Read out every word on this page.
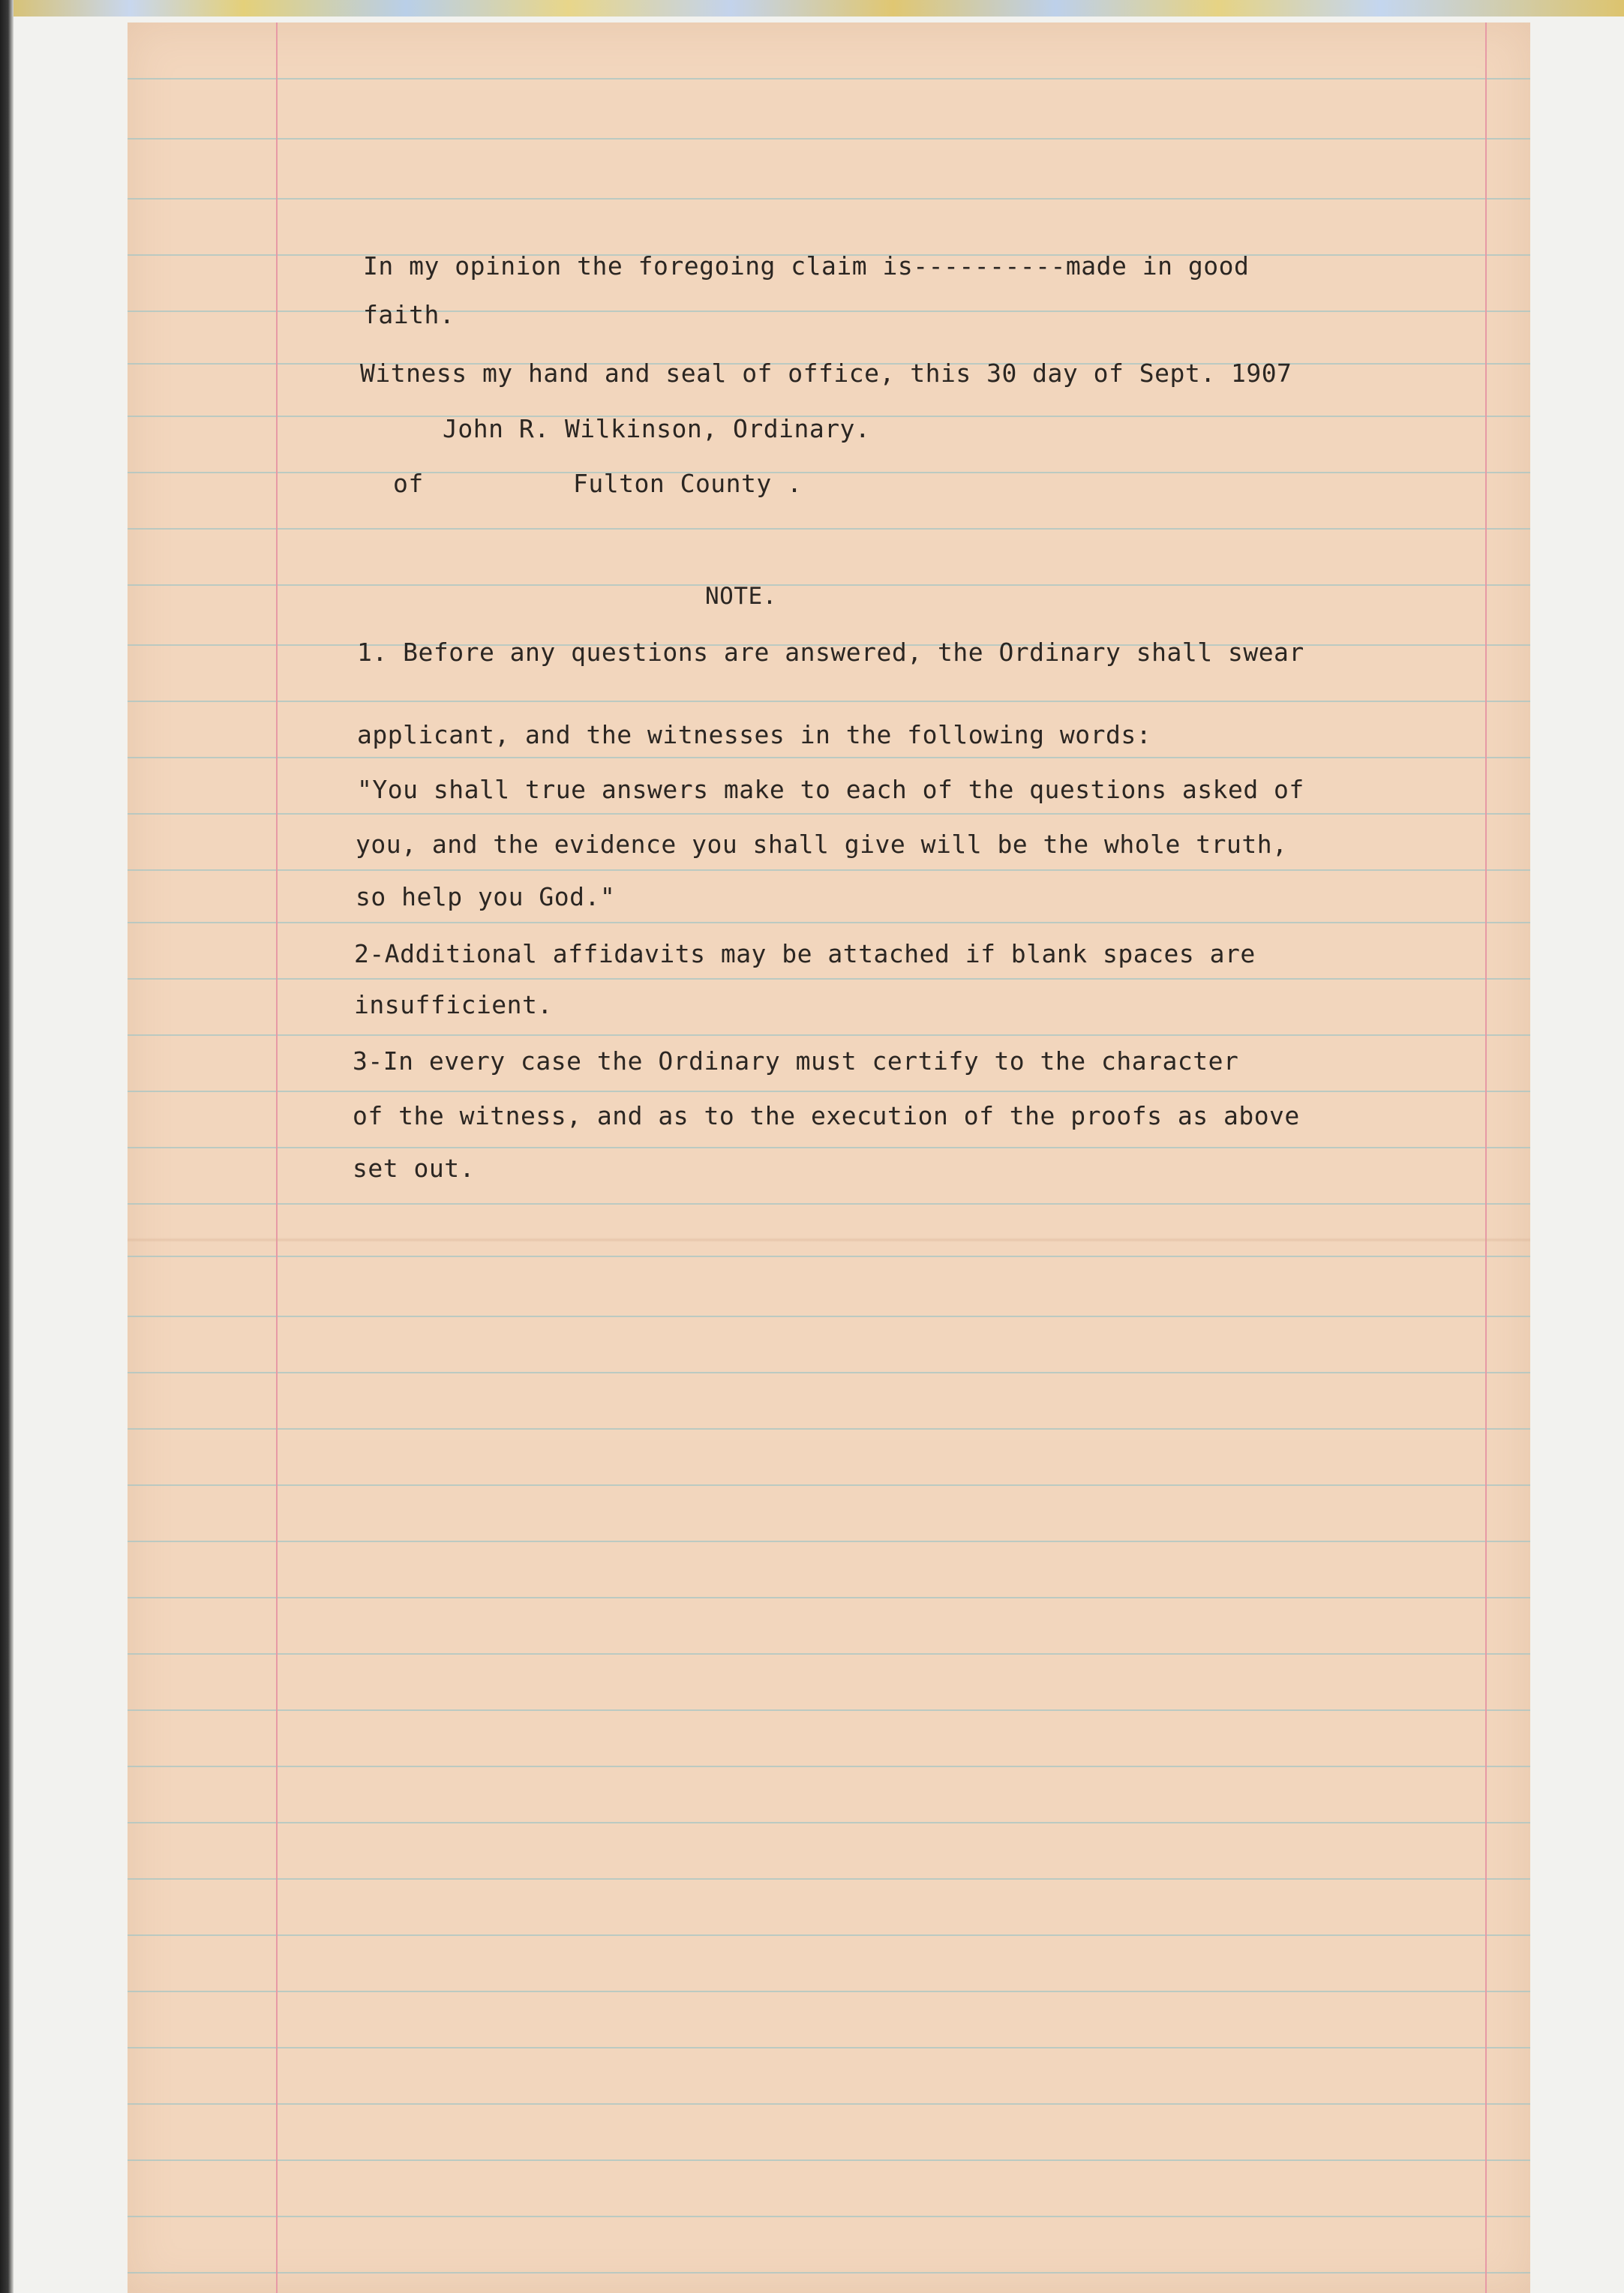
In my opinion the foregoing claim is----------made in good
faith.
Witness my hand and seal of office, this 30 day of Sept. 1907
John R. Wilkinson, Ordinary.
of	Fulton County .
NOTE.
1. Before any questions are answered, the Ordinary shall swear
applicant, and the witnesses in the following words:
"You shall true answers make to each of the questions asked of
you, and the evidence you shall give will be the whole truth,
so help you God."
2-Additional affidavits may be attached if blank spaces are
insufficient.
3-In every case the Ordinary must certify to the character
of the witness, and as to the execution of the proofs as above
set out.
